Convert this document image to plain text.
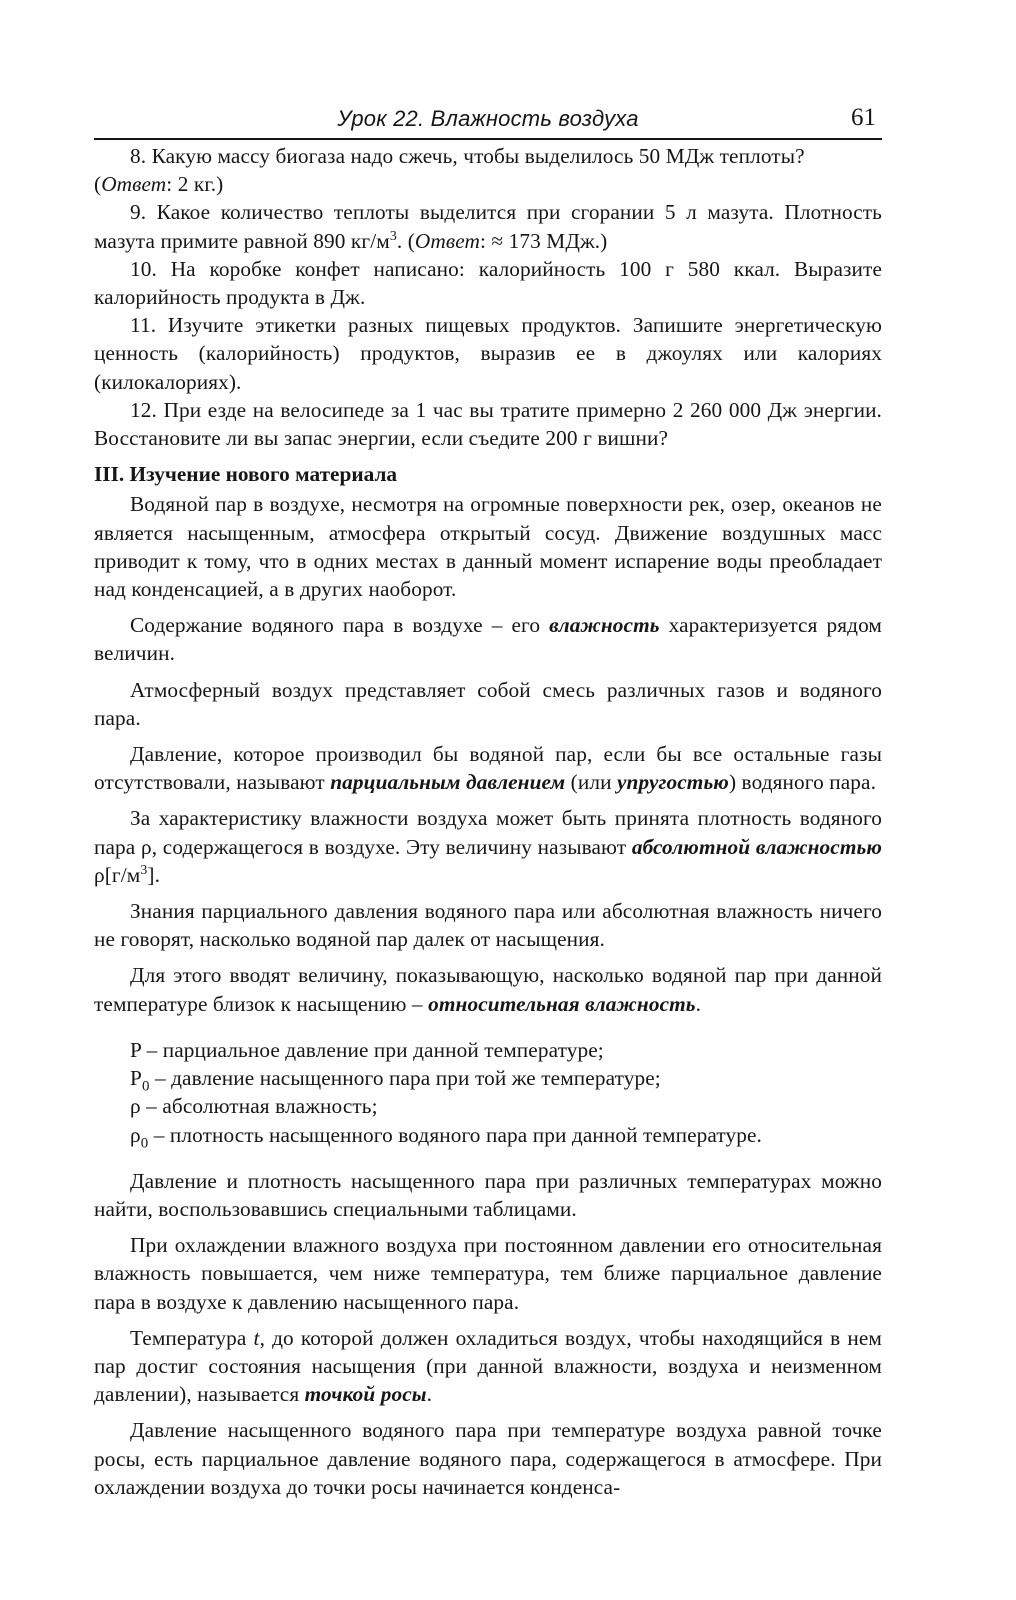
Урок 22. Влажность воздуха	61

8. Какую массу биогаза надо сжечь, чтобы выделилось 50 МДж теплоты?
(Ответ: 2 кг.)

9. Какое количество теплоты выделится при сгорании 5 л мазута. Плотность мазута примите равной 890 $кг/м^3$. (Ответ: ≈ 173 МДж.)

10. На коробке конфет написано: калорийность 100 г 580 ккал. Выразите калорийность продукта в Дж.

11. Изучите этикетки разных пищевых продуктов. Запишите энергетическую ценность (калорийность) продуктов, выразив ее в джоулях или калориях (килокалориях).

12. При езде на велосипеде за 1 час вы тратите примерно 2 260 000 Дж энергии. Восстановите ли вы запас энергии, если съедите 200 г вишни?

III. Изучение нового материала

Водяной пар в воздухе, несмотря на огромные поверхности рек, озер, океанов не является насыщенным, атмосфера открытый сосуд. Движение воздушных масс приводит к тому, что в одних местах в данный момент испарение воды преобладает над конденсацией, а в других наоборот.

Содержание водяного пара в воздухе – его влажность характеризуется рядом величин.

Атмосферный воздух представляет собой смесь различных газов и водяного пара.

Давление, которое производил бы водяной пар, если бы все остальные газы отсутствовали, называют парциальным давлением (или упругостью) водяного пара.

За характеристику влажности воздуха может быть принята плотность водяного пара ρ, содержащегося в воздухе. Эту величину называют абсолютной влажностью $\rho[г/м^3]$.

Знания парциального давления водяного пара или абсолютная влажность ничего не говорят, насколько водяной пар далек от насыщения.

Для этого вводят величину, показывающую, насколько водяной пар при данной температуре близок к насыщению – относительная влажность.

P – парциальное давление при данной температуре;

$P_0$ – давление насыщенного пара при той же температуре;

ρ – абсолютная влажность;

$\rho_0$ – плотность насыщенного водяного пара при данной температуре.

Давление и плотность насыщенного пара при различных температурах можно найти, воспользовавшись специальными таблицами.

При охлаждении влажного воздуха при постоянном давлении его относительная влажность повышается, чем ниже температура, тем ближе парциальное давление пара в воздухе к давлению насыщенного пара.

Температура t, до которой должен охладиться воздух, чтобы находящийся в нем пар достиг состояния насыщения (при данной влажности, воздуха и неизменном давлении), называется точкой росы.

Давление насыщенного водяного пара при температуре воздуха равной точке росы, есть парциальное давление водяного пара, содержащегося в атмосфере. При охлаждении воздуха до точки росы начинается конденса-
